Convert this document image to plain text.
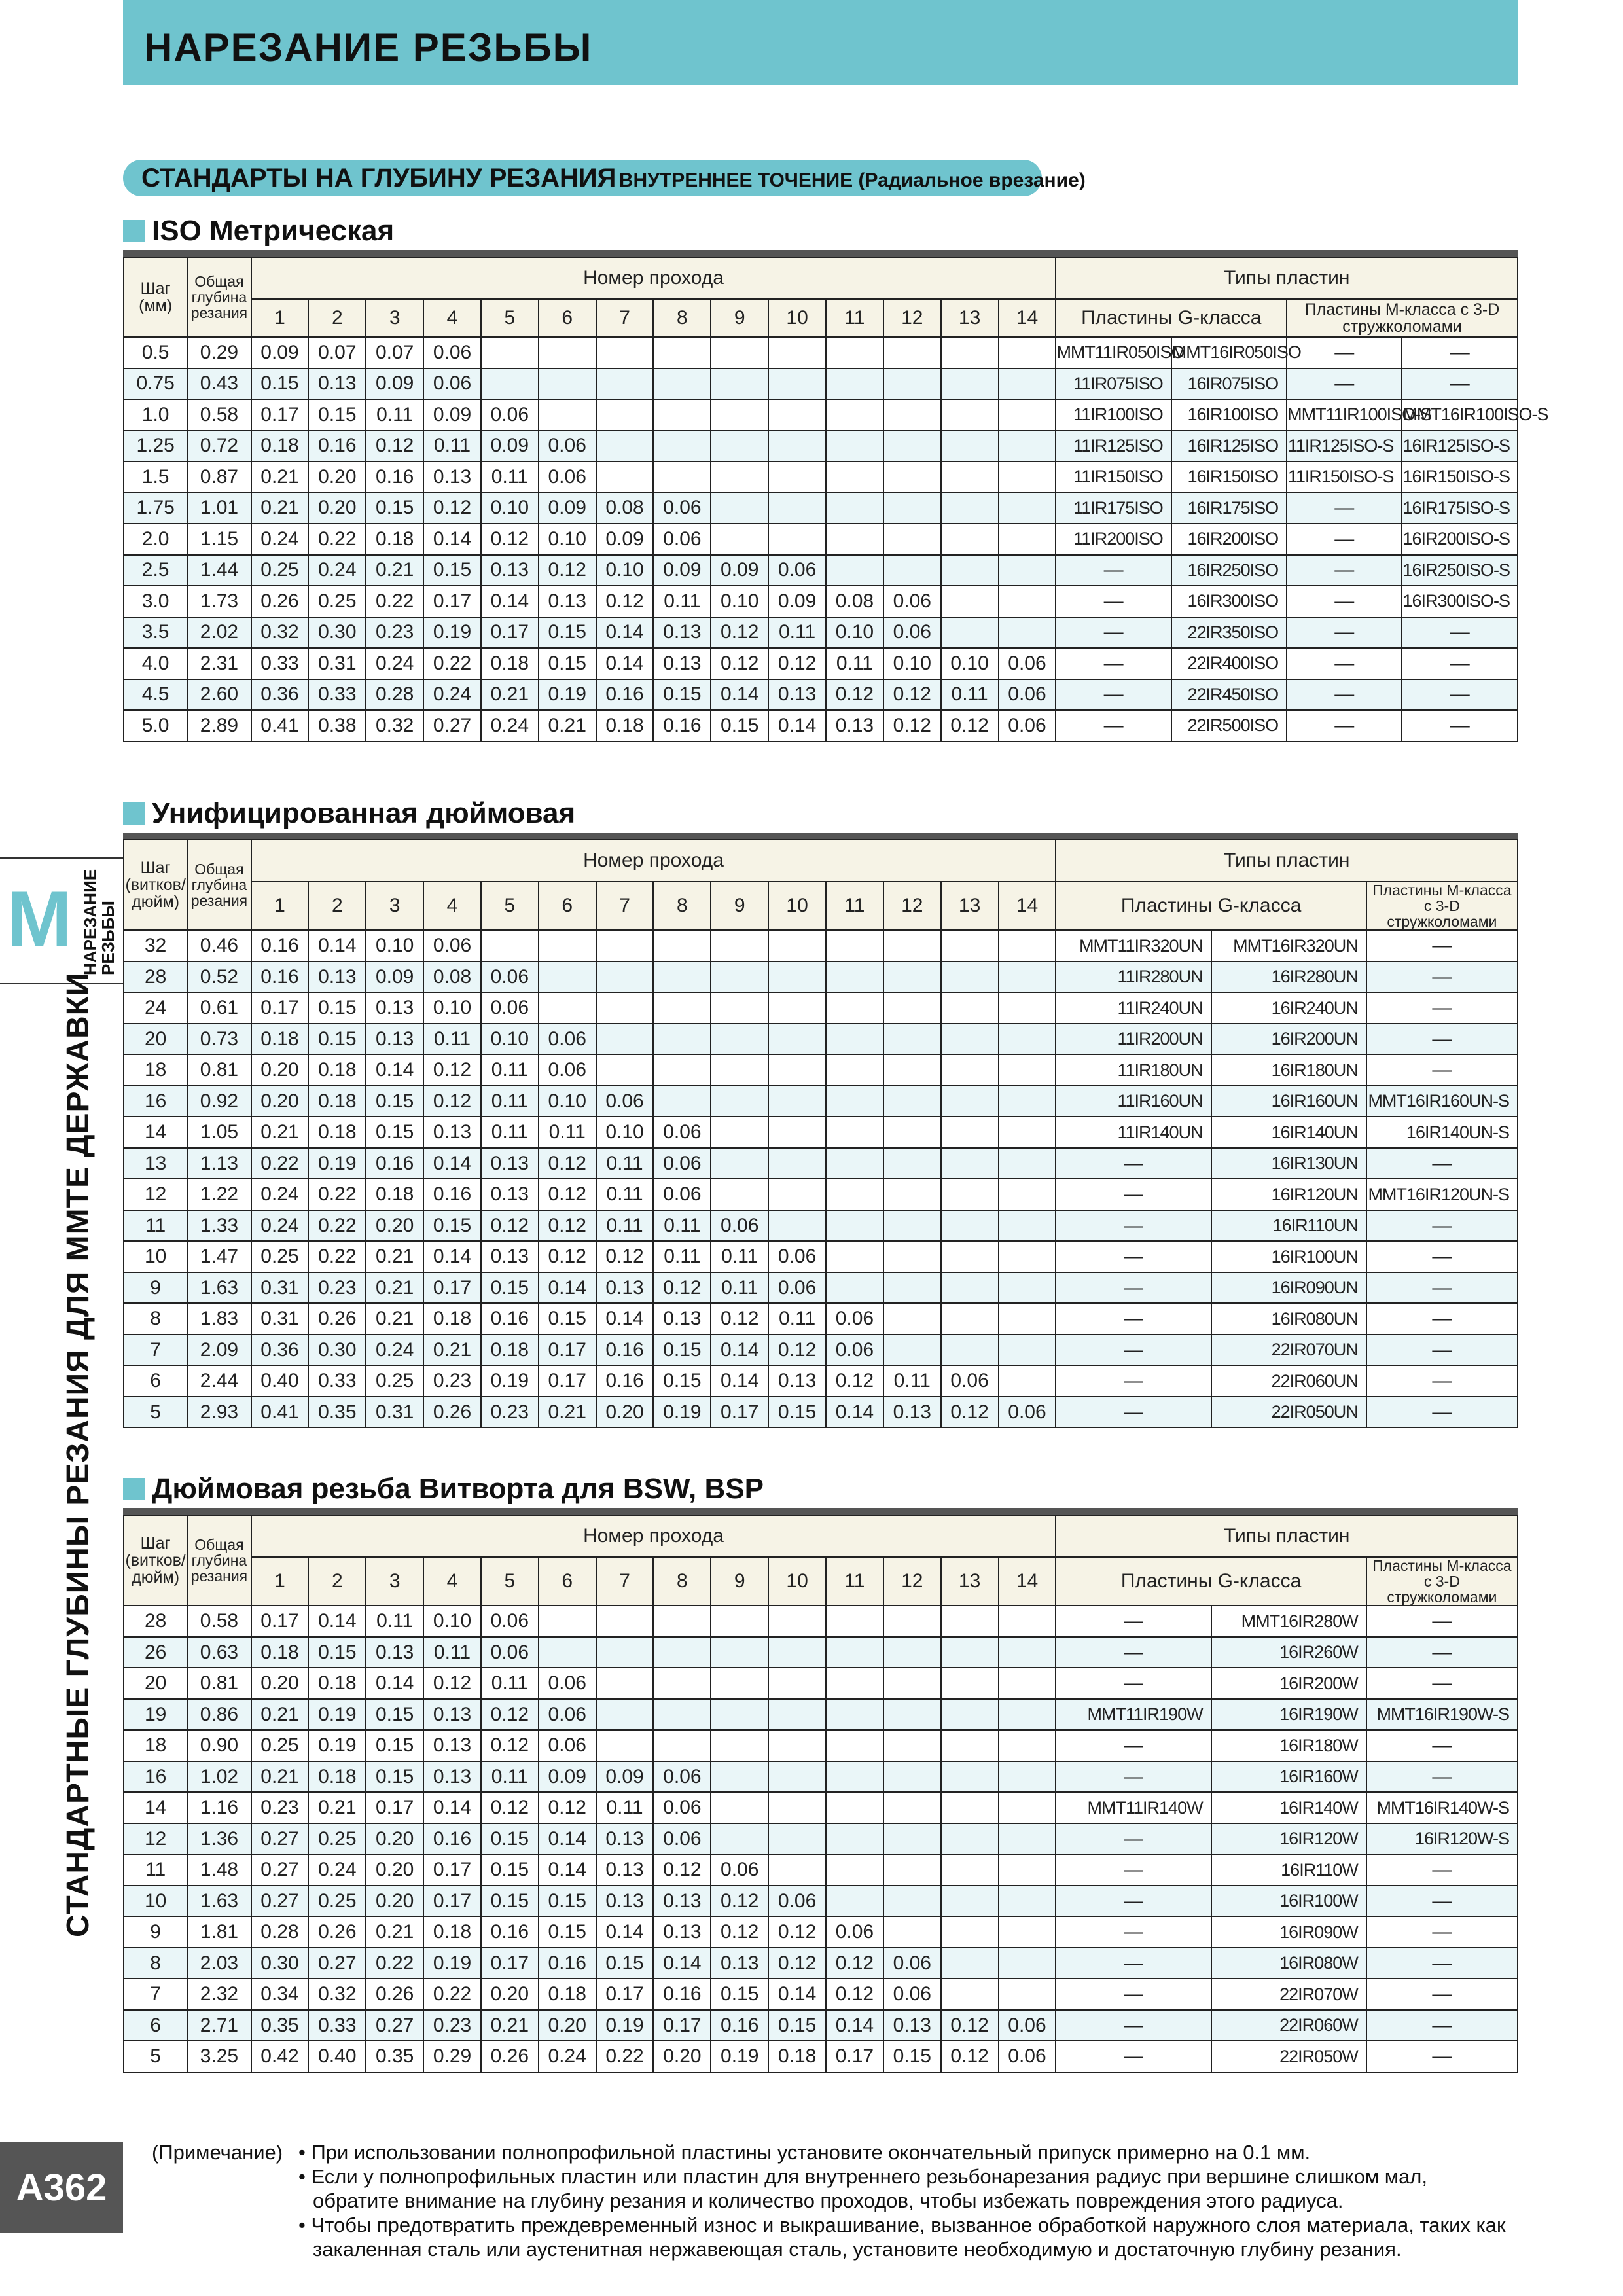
НАРЕЗАНИЕ РЕЗЬБЫ
СТАНДАРТЫ НА ГЛУБИНУ РЕЗАНИЯ ВНУТРЕННЕЕ ТОЧЕНИЕ (Радиальное врезание)
ISO Метрическая
Шаг (мм)	Общая глубина резания	Номер прохода														Типы пластин			
		1	2	3	4	5	6	7	8	9	10	11	12	13	14	Пластины G-класса		Пластины M-класса с 3-D стружколомами	
0.5	0.29	0.09	0.07	0.07	0.06											MMT11IR050ISO	MMT16IR050ISO	—	—
0.75	0.43	0.15	0.13	0.09	0.06											11IR075ISO	16IR075ISO	—	—
1.0	0.58	0.17	0.15	0.11	0.09	0.06										11IR100ISO	16IR100ISO	MMT11IR100ISO-S	MMT16IR100ISO-S
1.25	0.72	0.18	0.16	0.12	0.11	0.09	0.06									11IR125ISO	16IR125ISO	11IR125ISO-S	16IR125ISO-S
1.5	0.87	0.21	0.20	0.16	0.13	0.11	0.06									11IR150ISO	16IR150ISO	11IR150ISO-S	16IR150ISO-S
1.75	1.01	0.21	0.20	0.15	0.12	0.10	0.09	0.08	0.06							11IR175ISO	16IR175ISO	—	16IR175ISO-S
2.0	1.15	0.24	0.22	0.18	0.14	0.12	0.10	0.09	0.06							11IR200ISO	16IR200ISO	—	16IR200ISO-S
2.5	1.44	0.25	0.24	0.21	0.15	0.13	0.12	0.10	0.09	0.09	0.06					—	16IR250ISO	—	16IR250ISO-S
3.0	1.73	0.26	0.25	0.22	0.17	0.14	0.13	0.12	0.11	0.10	0.09	0.08	0.06			—	16IR300ISO	—	16IR300ISO-S
3.5	2.02	0.32	0.30	0.23	0.19	0.17	0.15	0.14	0.13	0.12	0.11	0.10	0.06			—	22IR350ISO	—	—
4.0	2.31	0.33	0.31	0.24	0.22	0.18	0.15	0.14	0.13	0.12	0.12	0.11	0.10	0.10	0.06	—	22IR400ISO	—	—
4.5	2.60	0.36	0.33	0.28	0.24	0.21	0.19	0.16	0.15	0.14	0.13	0.12	0.12	0.11	0.06	—	22IR450ISO	—	—
5.0	2.89	0.41	0.38	0.32	0.27	0.24	0.21	0.18	0.16	0.15	0.14	0.13	0.12	0.12	0.06	—	22IR500ISO	—	—
Унифицированная дюймовая
Шаг (витков/ дюйм)	Общая глубина резания	Номер прохода														Типы пластин		
		1	2	3	4	5	6	7	8	9	10	11	12	13	14	Пластины G-класса		Пластины M-класса с 3-D стружколомами
32	0.46	0.16	0.14	0.10	0.06											MMT11IR320UN	MMT16IR320UN	—
28	0.52	0.16	0.13	0.09	0.08	0.06										11IR280UN	16IR280UN	—
24	0.61	0.17	0.15	0.13	0.10	0.06										11IR240UN	16IR240UN	—
20	0.73	0.18	0.15	0.13	0.11	0.10	0.06									11IR200UN	16IR200UN	—
18	0.81	0.20	0.18	0.14	0.12	0.11	0.06									11IR180UN	16IR180UN	—
16	0.92	0.20	0.18	0.15	0.12	0.11	0.10	0.06								11IR160UN	16IR160UN	MMT16IR160UN-S
14	1.05	0.21	0.18	0.15	0.13	0.11	0.11	0.10	0.06							11IR140UN	16IR140UN	16IR140UN-S
13	1.13	0.22	0.19	0.16	0.14	0.13	0.12	0.11	0.06							—	16IR130UN	—
12	1.22	0.24	0.22	0.18	0.16	0.13	0.12	0.11	0.06							—	16IR120UN	MMT16IR120UN-S
11	1.33	0.24	0.22	0.20	0.15	0.12	0.12	0.11	0.11	0.06						—	16IR110UN	—
10	1.47	0.25	0.22	0.21	0.14	0.13	0.12	0.12	0.11	0.11	0.06					—	16IR100UN	—
9	1.63	0.31	0.23	0.21	0.17	0.15	0.14	0.13	0.12	0.11	0.06					—	16IR090UN	—
8	1.83	0.31	0.26	0.21	0.18	0.16	0.15	0.14	0.13	0.12	0.11	0.06				—	16IR080UN	—
7	2.09	0.36	0.30	0.24	0.21	0.18	0.17	0.16	0.15	0.14	0.12	0.06				—	22IR070UN	—
6	2.44	0.40	0.33	0.25	0.23	0.19	0.17	0.16	0.15	0.14	0.13	0.12	0.11	0.06		—	22IR060UN	—
5	2.93	0.41	0.35	0.31	0.26	0.23	0.21	0.20	0.19	0.17	0.15	0.14	0.13	0.12	0.06	—	22IR050UN	—
Дюймовая резьба Витворта для BSW, BSP
Шаг (витков/ дюйм)	Общая глубина резания	Номер прохода														Типы пластин		
		1	2	3	4	5	6	7	8	9	10	11	12	13	14	Пластины G-класса		Пластины M-класса с 3-D стружколомами
28	0.58	0.17	0.14	0.11	0.10	0.06										—	MMT16IR280W	—
26	0.63	0.18	0.15	0.13	0.11	0.06										—	16IR260W	—
20	0.81	0.20	0.18	0.14	0.12	0.11	0.06									—	16IR200W	—
19	0.86	0.21	0.19	0.15	0.13	0.12	0.06									MMT11IR190W	16IR190W	MMT16IR190W-S
18	0.90	0.25	0.19	0.15	0.13	0.12	0.06									—	16IR180W	—
16	1.02	0.21	0.18	0.15	0.13	0.11	0.09	0.09	0.06							—	16IR160W	—
14	1.16	0.23	0.21	0.17	0.14	0.12	0.12	0.11	0.06							MMT11IR140W	16IR140W	MMT16IR140W-S
12	1.36	0.27	0.25	0.20	0.16	0.15	0.14	0.13	0.06							—	16IR120W	16IR120W-S
11	1.48	0.27	0.24	0.20	0.17	0.15	0.14	0.13	0.12	0.06						—	16IR110W	—
10	1.63	0.27	0.25	0.20	0.17	0.15	0.15	0.13	0.13	0.12	0.06					—	16IR100W	—
9	1.81	0.28	0.26	0.21	0.18	0.16	0.15	0.14	0.13	0.12	0.12	0.06				—	16IR090W	—
8	2.03	0.30	0.27	0.22	0.19	0.17	0.16	0.15	0.14	0.13	0.12	0.12	0.06			—	16IR080W	—
7	2.32	0.34	0.32	0.26	0.22	0.20	0.18	0.17	0.16	0.15	0.14	0.12	0.06			—	22IR070W	—
6	2.71	0.35	0.33	0.27	0.23	0.21	0.20	0.19	0.17	0.16	0.15	0.14	0.13	0.12	0.06	—	22IR060W	—
5	3.25	0.42	0.40	0.35	0.29	0.26	0.24	0.22	0.20	0.19	0.18	0.17	0.15	0.12	0.06	—	22IR050W	—
M НАРЕЗАНИЕ
РЕЗЬБЫ
СТАНДАРТНЫЕ ГЛУБИНЫ РЕЗАНИЯ ДЛЯ MMTE ДЕРЖАВКИ
A362
(Примечание) • При использовании полнопрофильной пластины установите окончательный припуск примерно на 0.1 мм.
• Если у полнопрофильных пластин или пластин для внутреннего резьбонарезания радиус при вершине слишком мал, обратите внимание на глубину резания и количество проходов, чтобы избежать повреждения этого радиуса.
• Чтобы предотвратить преждевременный износ и выкрашивание, вызванное обработкой наружного слоя материала, таких как закаленная сталь или аустенитная нержавеющая сталь, установите необходимую и достаточную глубину резания.
